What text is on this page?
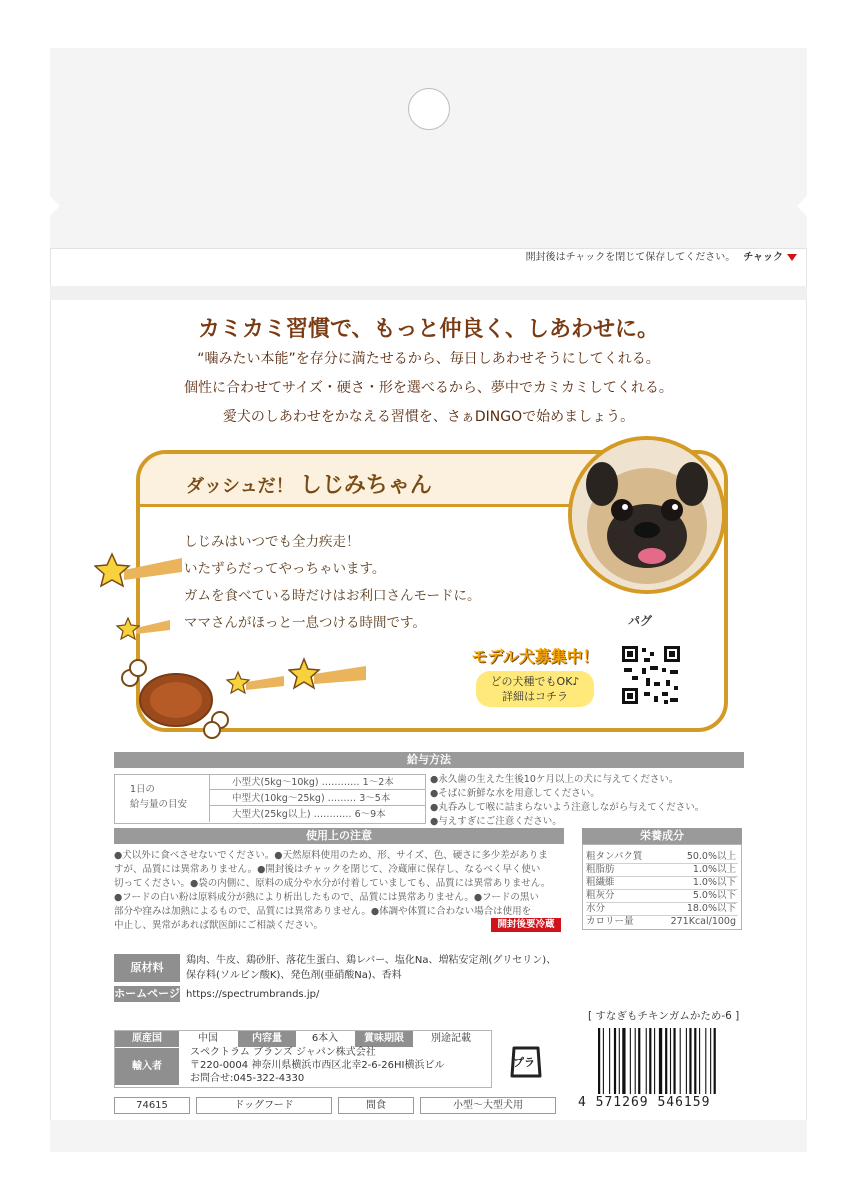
開封後はチャックを閉じて保存してください。 チャック
カミカミ習慣で、もっと仲良く、しあわせに。
“噛みたい本能”を存分に満たせるから、毎日しあわせそうにしてくれる。
個性に合わせてサイズ・硬さ・形を選べるから、夢中でカミカミしてくれる。
愛犬のしあわせをかなえる習慣を、さぁDINGOで始めましょう。
ダッシュだ！ しじみちゃん
しじみはいつでも全力疾走！
いたずらだってやっちゃいます。
ガムを食べている時だけはお利口さんモードに。
ママさんがほっと一息つける時間です。	パグ
モデル犬募集中！
どの犬種でもOK♪
詳細はコチラ
給与方法
1日の
給与量の目安
小型犬(5kg〜10kg) ………… 1〜2本
中型犬(10kg〜25kg) ……… 3〜5本
大型犬(25kg以上) ………… 6〜9本
●永久歯の生えた生後10ケ月以上の犬に与えてください。
●そばに新鮮な水を用意してください。
●丸呑みして喉に詰まらないよう注意しながら与えてください。
●与えすぎにご注意ください。
使用上の注意
●犬以外に食べさせないでください。●天然原料使用のため、形、サイズ、色、硬さに多少差がありま
すが、品質には異常ありません。●開封後はチャックを閉じて、冷蔵庫に保存し、なるべく早く使い
切ってください。●袋の内側に、原料の成分や水分が付着していましても、品質には異常ありません。
●フードの白い粉は原料成分が熱により析出したもので、品質には異常ありません。●フードの黒い
部分や窪みは加熱によるもので、品質には異常ありません。●体調や体質に合わない場合は使用を
中止し、異常があれば獣医師にご相談ください。	開封後要冷蔵
栄養成分
粗タンパク質	50.0%以上
粗脂肪	1.0%以上
粗繊維	1.0%以下
粗灰分	5.0%以下
水分	18.0%以下
カロリー量	271Kcal/100g
原材料
鶏肉、牛皮、鶏砂肝、落花生蛋白、鶏レバー、塩化Na、増粘安定剤(グリセリン)、
保存料(ソルビン酸K)、発色剤(亜硝酸Na)、香料
ホームページ https://spectrumbrands.jp/
[ すなぎもチキンガムかため-6 ]
原産国	中国	内容量	6本入	賞味期限	別途記載
輸入者
スペクトラム ブランズ ジャパン株式会社
〒220-0004 神奈川県横浜市西区北幸2-6-26HI横浜ビル
お問合せ:045-322-4330
プラ
74615	ドッグフード	間食	小型〜大型犬用	4 571269 546159
